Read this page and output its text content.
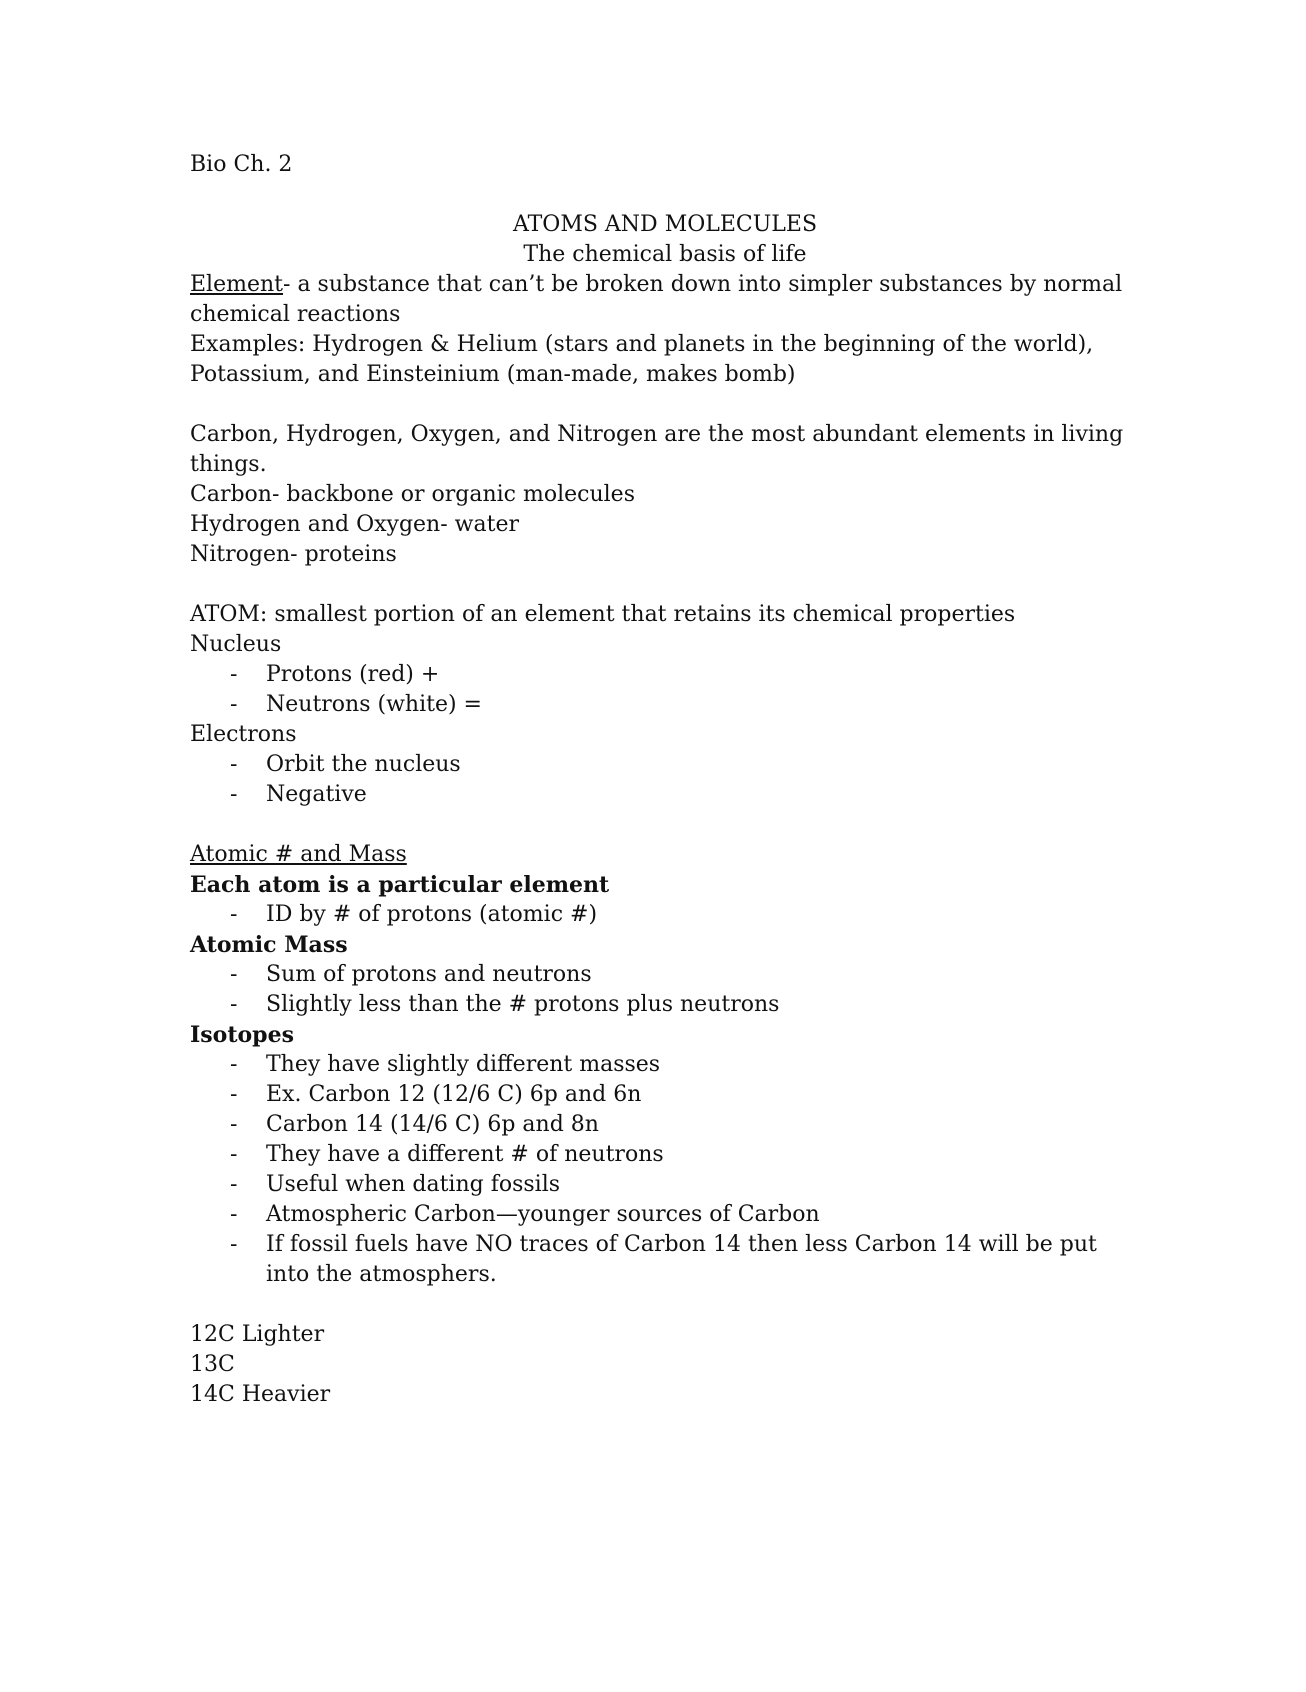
Bio Ch. 2

ATOMS AND MOLECULES

The chemical basis of life

Element- a substance that can’t be broken down into simpler substances by normal chemical reactions

Examples: Hydrogen & Helium (stars and planets in the beginning of the world), Potassium, and Einsteinium (man-made, makes bomb)

Carbon, Hydrogen, Oxygen, and Nitrogen are the most abundant elements in living things.

Carbon- backbone or organic molecules

Hydrogen and Oxygen- water

Nitrogen- proteins

ATOM: smallest portion of an element that retains its chemical properties

Nucleus

- Protons (red) +

- Neutrons (white) =

Electrons

- Orbit the nucleus

- Negative

Atomic # and Mass

Each atom is a particular element

- ID by # of protons (atomic #)

Atomic Mass

- Sum of protons and neutrons

- Slightly less than the # protons plus neutrons

Isotopes

- They have slightly different masses

- Ex. Carbon 12 (12/6 C) 6p and 6n

- Carbon 14 (14/6 C) 6p and 8n

- They have a different # of neutrons

- Useful when dating fossils

- Atmospheric Carbon—younger sources of Carbon

- If fossil fuels have NO traces of Carbon 14 then less Carbon 14 will be put into the atmosphers.

12C Lighter

13C

14C Heavier
